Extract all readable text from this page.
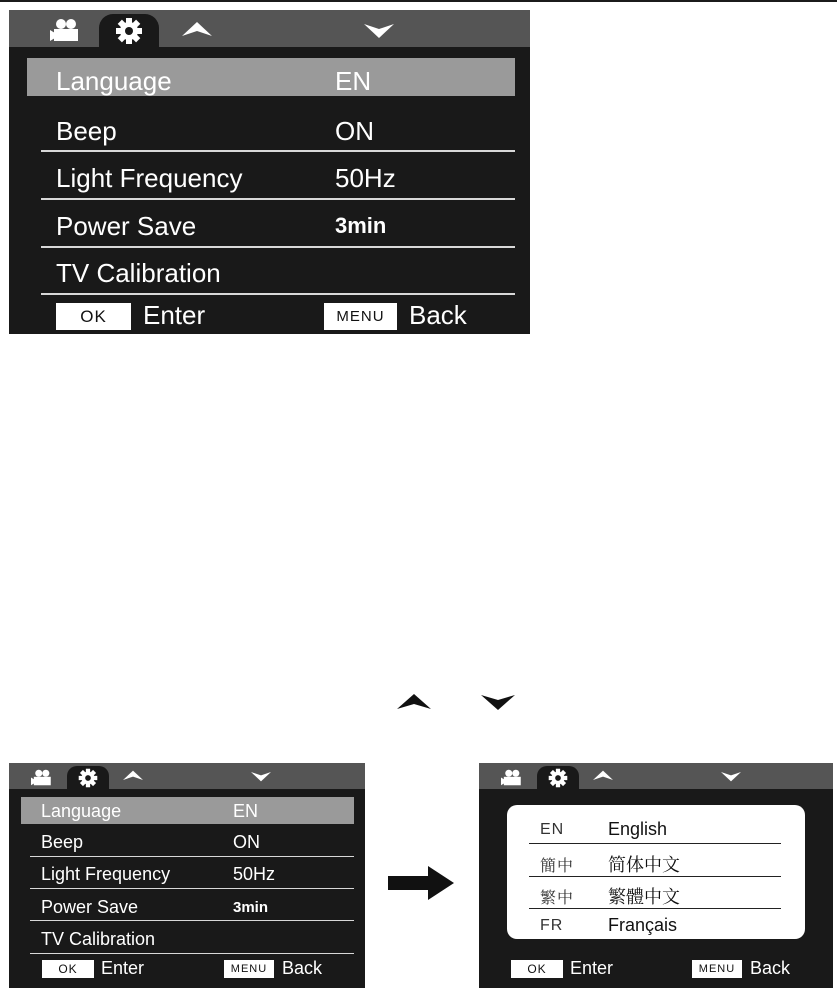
Language	EN
Beep	ON
Light Frequency	50Hz
Power Save	3min
TV Calibration
OK	Enter	MENU Back
Language	EN
Beep	ON
Light Frequency	50Hz
Power Save	3min
TV Calibration
OK	Enter	MENU Back
EN English
簡中 简体中文
繁中 繁體中文
FR Français
OK	Enter	MENU Back
